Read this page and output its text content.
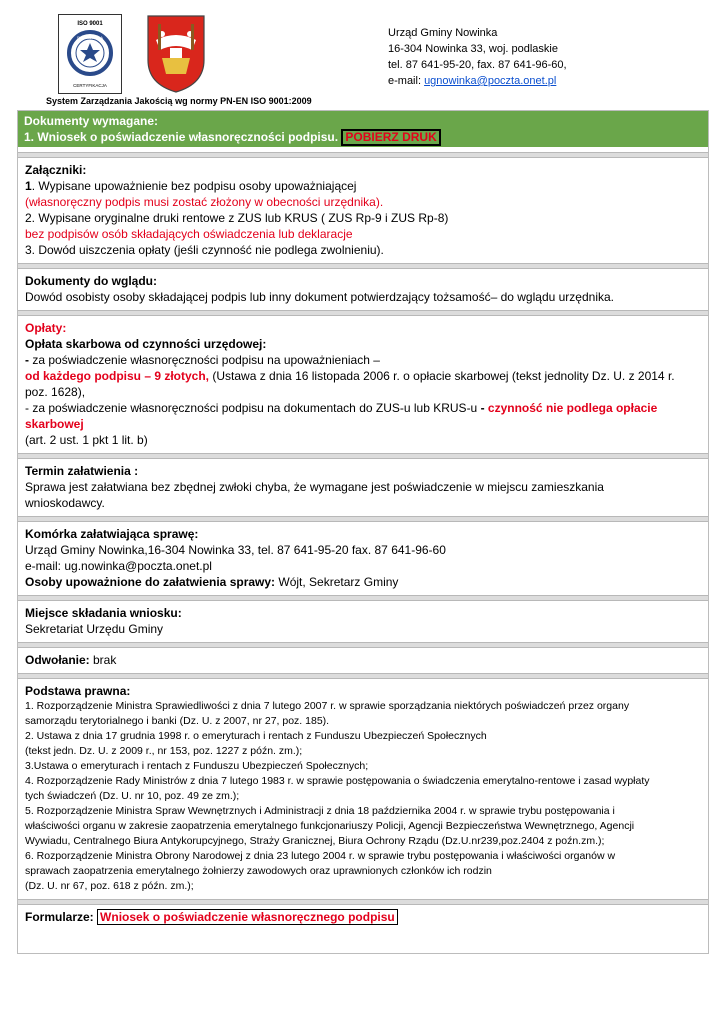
ISO 9001
POLSKA IZBA
CERTYFIKACJA
Urząd Gminy Nowinka
16-304 Nowinka 33, woj. podlaskie
tel. 87 641-95-20, fax. 87 641-96-60,
e-mail: ugnowinka@poczta.onet.pl
System Zarządzania Jakością wg normy PN-EN ISO 9001:2009
Dokumenty wymagane:
1. Wniosek o poświadczenie własnoręczności podpisu. POBIERZ DRUK
Załączniki:
1. Wypisane upoważnienie bez podpisu osoby upoważniającej
(własnoręczny podpis musi zostać złożony w obecności urzędnika).
2. Wypisane oryginalne druki rentowe z ZUS lub KRUS ( ZUS Rp-9 i ZUS Rp-8)
bez podpisów osób składających oświadczenia lub deklaracje
3. Dowód uiszczenia opłaty (jeśli czynność nie podlega zwolnieniu).
Dokumenty do wglądu:
Dowód osobisty osoby składającej podpis lub inny dokument potwierdzający tożsamość– do wglądu urzędnika.
Opłaty:
Opłata skarbowa od czynności urzędowej:
- za poświadczenie własnoręczności podpisu na upoważnieniach –
od każdego podpisu – 9 złotych, (Ustawa z dnia 16 listopada 2006 r. o opłacie skarbowej (tekst jednolity Dz. U. z 2014 r.
poz. 1628),
- za poświadczenie własnoręczności podpisu na dokumentach do ZUS-u lub KRUS-u - czynność nie podlega opłacie
skarbowej
(art. 2 ust. 1 pkt 1 lit. b)
Termin załatwienia :
Sprawa jest załatwiana bez zbędnej zwłoki chyba, że wymagane jest poświadczenie w miejscu zamieszkania
wnioskodawcy.
Komórka załatwiająca sprawę:
Urząd Gminy Nowinka,16-304 Nowinka 33, tel. 87 641-95-20 fax. 87 641-96-60
e-mail: ug.nowinka@poczta.onet.pl
Osoby upoważnione do załatwienia sprawy: Wójt, Sekretarz Gminy
Miejsce składania wniosku:
Sekretariat Urzędu Gminy
Odwołanie: brak
Podstawa prawna:
1. Rozporządzenie Ministra Sprawiedliwości z dnia 7 lutego 2007 r. w sprawie sporządzania niektórych poświadczeń przez organy
samorządu terytorialnego i banki (Dz. U. z 2007, nr 27, poz. 185).
2. Ustawa z dnia 17 grudnia 1998 r. o emeryturach i rentach z Funduszu Ubezpieczeń Społecznych
(tekst jedn. Dz. U. z 2009 r., nr 153, poz. 1227 z późn. zm.);
3.Ustawa o emeryturach i rentach z Funduszu Ubezpieczeń Społecznych;
4. Rozporządzenie Rady Ministrów z dnia 7 lutego 1983 r. w sprawie postępowania o świadczenia emerytalno-rentowe i zasad wypłaty
tych świadczeń (Dz. U. nr 10, poz. 49 ze zm.);
5. Rozporządzenie Ministra Spraw Wewnętrznych i Administracji z dnia 18 października 2004 r. w sprawie trybu postępowania i
właściwości organu w zakresie zaopatrzenia emerytalnego funkcjonariuszy Policji, Agencji Bezpieczeństwa Wewnętrznego, Agencji
Wywiadu, Centralnego Biura Antykorupcyjnego, Straży Granicznej, Biura Ochrony Rządu (Dz.U.nr239,poz.2404 z poźn.zm.);
6. Rozporządzenie Ministra Obrony Narodowej z dnia 23 lutego 2004 r. w sprawie trybu postępowania i właściwości organów w
sprawach zaopatrzenia emerytalnego żołnierzy zawodowych oraz uprawnionych członków ich rodzin
(Dz. U. nr 67, poz. 618 z późn. zm.);
Formularze: Wniosek o poświadczenie własnoręcznego podpisu
